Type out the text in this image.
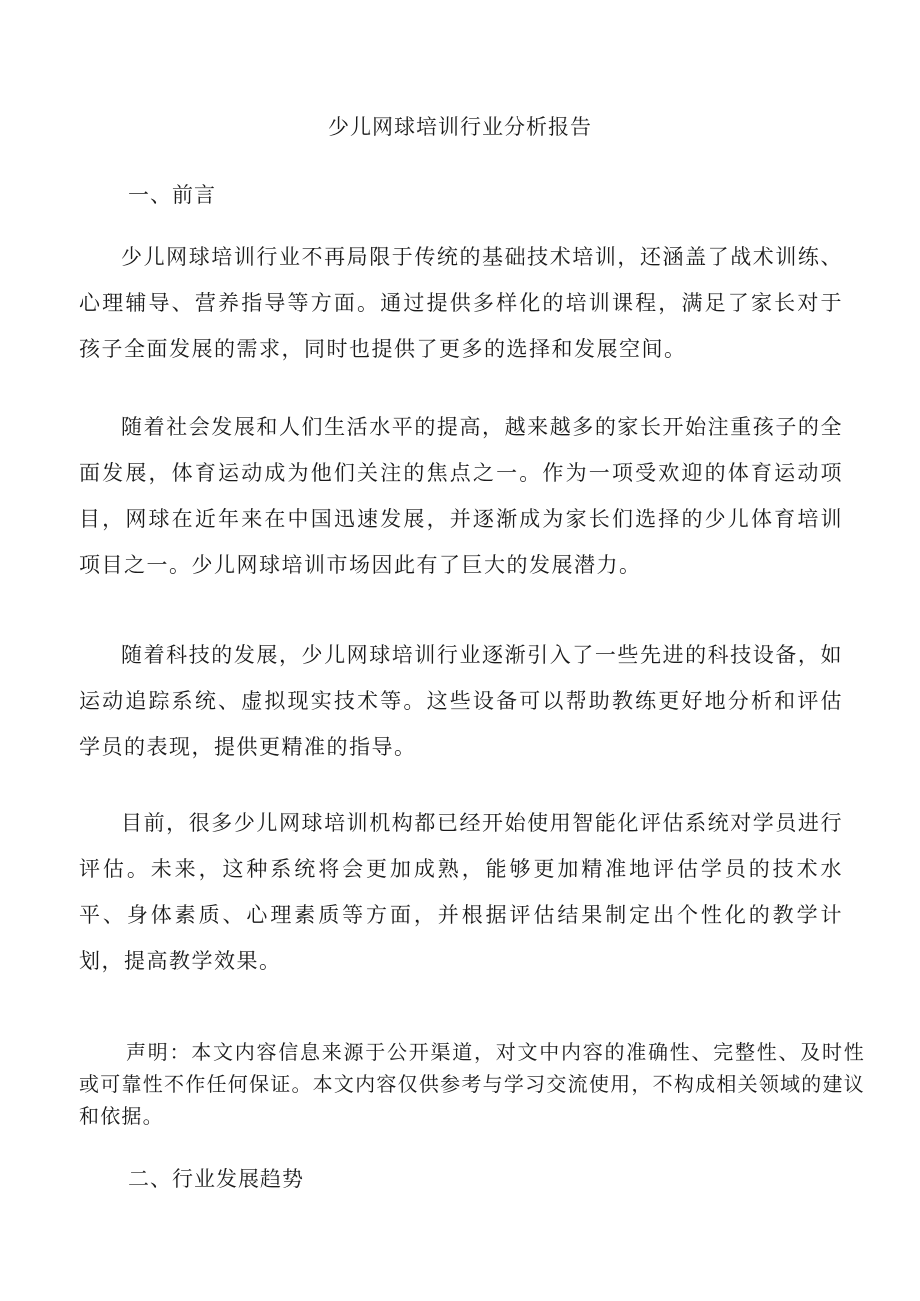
少儿网球培训行业分析报告
一、前言

少儿网球培训行业不再局限于传统的基础技术培训，还涵盖了战术训练、心理辅导、营养指导等方面。通过提供多样化的培训课程，满足了家长对于孩子全面发展的需求，同时也提供了更多的选择和发展空间。

随着社会发展和人们生活水平的提高，越来越多的家长开始注重孩子的全面发展，体育运动成为他们关注的焦点之一。作为一项受欢迎的体育运动项目，网球在近年来在中国迅速发展，并逐渐成为家长们选择的少儿体育培训项目之一。少儿网球培训市场因此有了巨大的发展潜力。

随着科技的发展，少儿网球培训行业逐渐引入了一些先进的科技设备，如运动追踪系统、虚拟现实技术等。这些设备可以帮助教练更好地分析和评估学员的表现，提供更精准的指导。

目前，很多少儿网球培训机构都已经开始使用智能化评估系统对学员进行评估。未来，这种系统将会更加成熟，能够更加精准地评估学员的技术水平、身体素质、心理素质等方面，并根据评估结果制定出个性化的教学计划，提高教学效果。

声明：本文内容信息来源于公开渠道，对文中内容的准确性、完整性、及时性或可靠性不作任何保证。本文内容仅供参考与学习交流使用，不构成相关领域的建议和依据。

二、行业发展趋势
